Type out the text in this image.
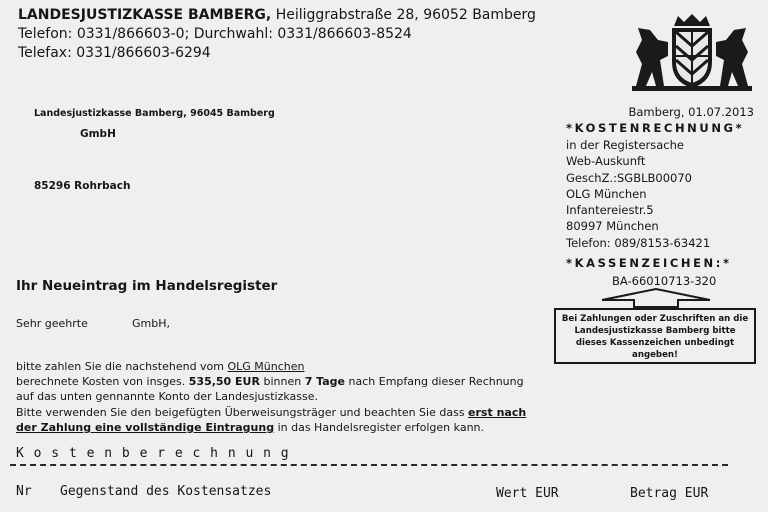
LANDESJUSTIZKASSE BAMBERG, Heiliggrabstraße 28, 96052 Bamberg
Telefon: 0331/866603-0; Durchwahl: 0331/866603-8524
Telefax: 0331/866603-6294
Landesjustizkasse Bamberg, 96045 Bamberg
GmbH
85296 Rohrbach
Bamberg, 01.07.2013
*KOSTENRECHNUNG*
in der Registersache
Web-Auskunft
GeschZ.:SGBLB00070
OLG München
Infantereiestr.5
80997 München
Telefon: 089/8153-63421
*KASSENZEICHEN:*
BA-66010713-320
Bei Zahlungen oder Zuschriften an die Landesjustizkasse Bamberg bitte dieses Kassenzeichen unbedingt angeben!
Ihr Neueintrag im Handelsregister
Sehr geehrte	GmbH,
bitte zahlen Sie die nachstehend vom OLG München
berechnete Kosten von insges. 535,50 EUR binnen 7 Tage nach Empfang dieser Rechnung
auf das unten gennannte Konto der Landesjustizkasse.
Bitte verwenden Sie den beigefügten Überweisungsträger und beachten Sie dass erst nach
der Zahlung eine vollständige Eintragung in das Handelsregister erfolgen kann.
K o s t e n b e r e c h n u n g
Nr Gegenstand des Kostensatzes	Wert EUR	Betrag EUR
